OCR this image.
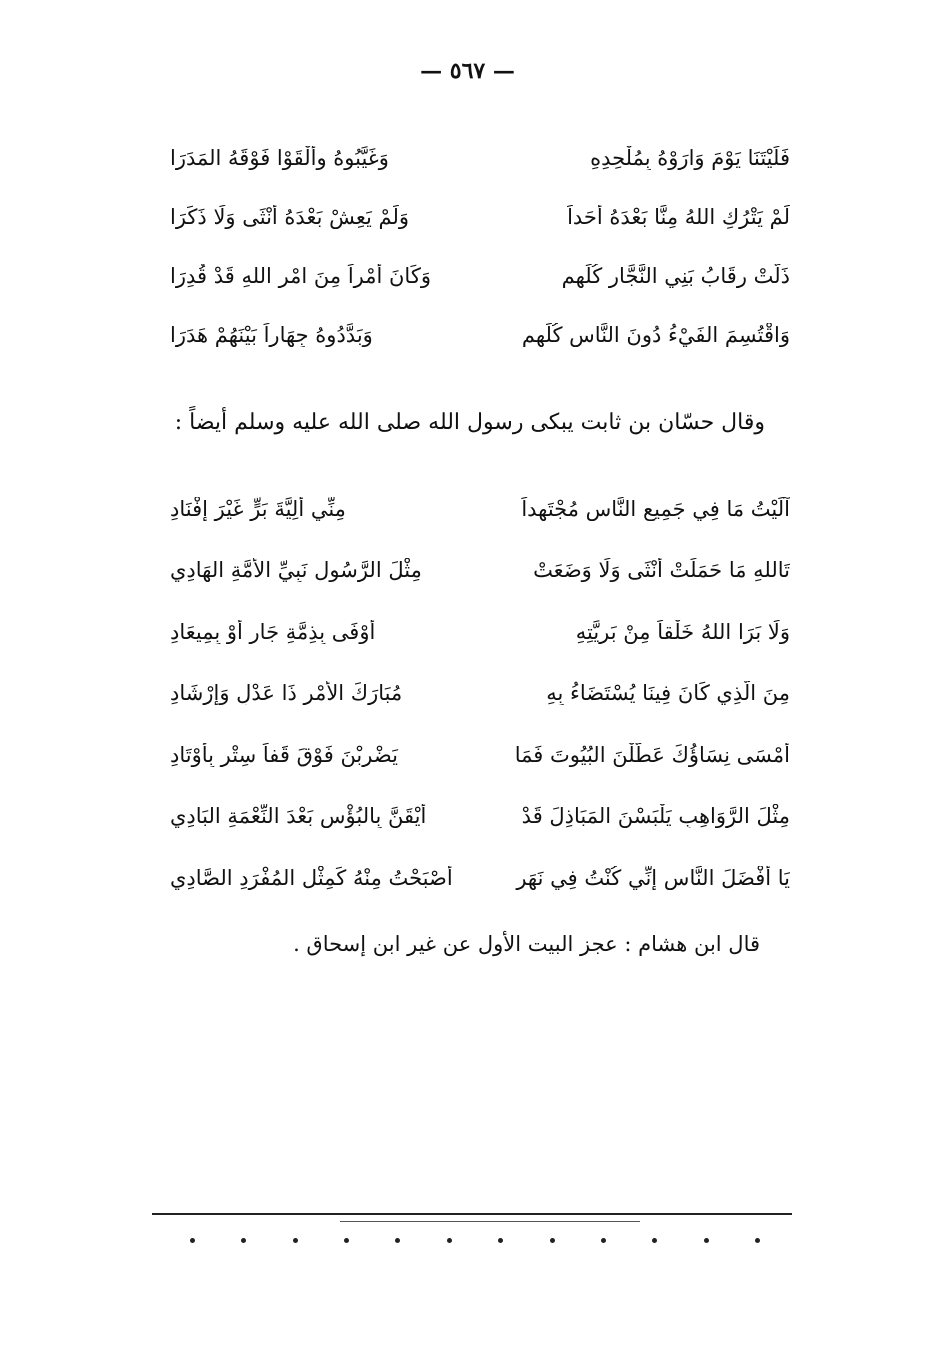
— ٥٦٧ —
فَلَيْتَنَا يَوْمَ وَارَوْهُ بِمُلْحِدِهِ
وَغَيَّبُوهُ وأَلْقَوْا فَوْقَهُ المَدَرَا
لَمْ يَتْرُكِ اللهُ مِنَّا بَعْدَهُ أَحَداً
وَلَمْ يَعِشْ بَعْدَهُ أُنْثَى وَلَا ذَكَرَا
ذَلَّتْ رِقَابُ بَنِي النَّجَّارِ كُلِّهِمِ
وَكَانَ أَمْراً مِنَ امْرِ اللهِ قَدْ قُدِرَا
وَاقْتُسِمَ الفَيْءُ دُونَ النَّاسِ كُلِّهِمِ
وَبَدَّدُوهُ جِهَاراً بَيْنَهُمْ هَدَرَا
وقال حسّان بن ثابت يبكى رسول الله صلى الله عليه وسلم أيضاً :
آلَيْتُ مَا فِي جَمِيعِ النَّاسِ مُجْتَهِداً
مِنِّي أَلِيَّةَ بَرٍّ غَيْرَ إِفْنَادِ
تَاللهِ مَا حَمَلَتْ أُنْثَى وَلَا وَضَعَتْ
مِثْلَ الرَّسُولِ نَبِيِّ الأُمَّةِ الهَادِي
وَلَا بَرَا اللهُ خَلْقاً مِنْ بَرِيَّتِهِ
أَوْفَى بِذِمَّةِ جَارٍ أَوْ بِمِيعَادِ
مِنَ الَّذِي كَانَ فِينَا يُسْتَضَاءُ بِهِ
مُبَارَكَ الأَمْرِ ذَا عَدْلٍ وَإِرْشَادِ
أَمْسَى نِسَاؤُكَ عَطَّلْنَ البُيُوتَ فَمَا
يَضْرِبْنَ فَوْقَ قَفاً سِتْرٍ بِأَوْتَادِ
مِثْلَ الرَّوَاهِبِ يَلْبَسْنَ المَبَاذِلَ قَدْ
أَيْقَنَّ بِالبُؤْسِ بَعْدَ النِّعْمَةِ البَادِي
يَا أَفْضَلَ النَّاسِ إِنِّي كُنْتُ فِي نَهَرٍ
أَصْبَحْتُ مِنْهُ كَمِثْلِ المُفْرَدِ الصَّادِي
قال ابن هشام : عجز البيت الأول عن غير ابن إسحاق .
